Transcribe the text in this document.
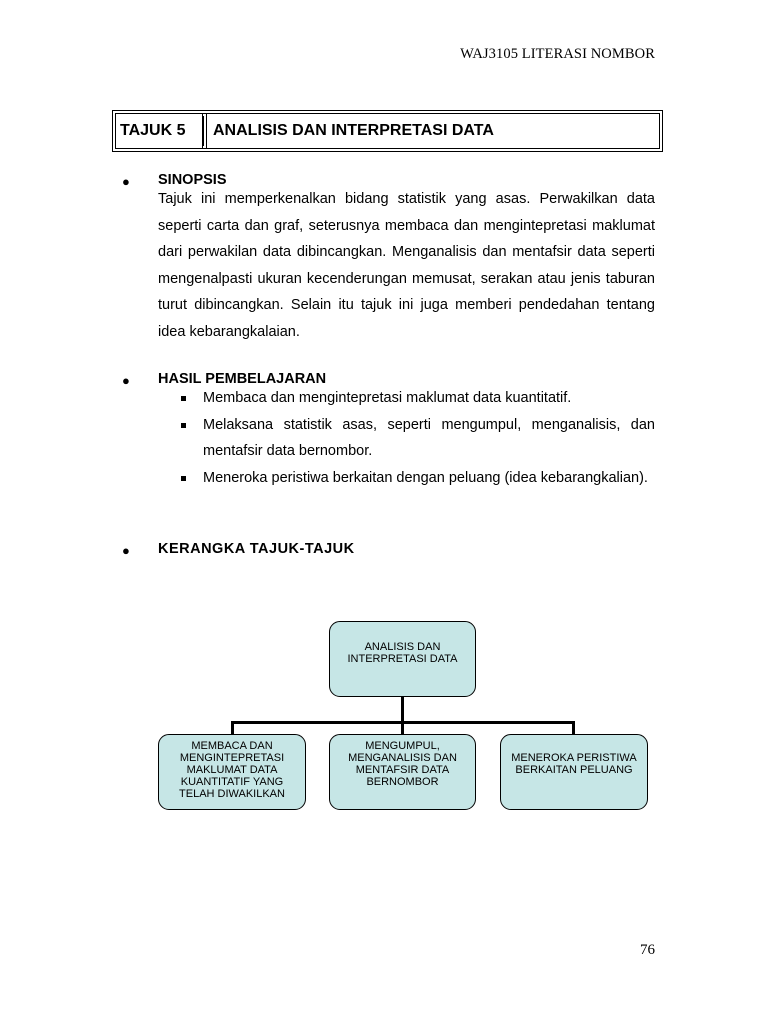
WAJ3105 LITERASI NOMBOR
TAJUK 5	ANALISIS DAN INTERPRETASI DATA
● SINOPSIS
Tajuk ini memperkenalkan bidang statistik yang asas. Perwakilkan data seperti carta dan graf, seterusnya membaca dan mengintepretasi maklumat dari perwakilan data dibincangkan. Menganalisis dan mentafsir data seperti mengenalpasti ukuran kecenderungan memusat, serakan atau jenis taburan turut dibincangkan. Selain itu tajuk ini juga memberi pendedahan tentang idea kebarangkalaian.
● HASIL PEMBELAJARAN
Membaca dan mengintepretasi maklumat data kuantitatif.
Melaksana statistik asas, seperti mengumpul, menganalisis, dan mentafsir data bernombor.
Meneroka peristiwa berkaitan dengan peluang (idea kebarangkalian).
● KERANGKA TAJUK-TAJUK
ANALISIS DAN INTERPRETASI DATA
MEMBACA DAN MENGINTEPRETASI MAKLUMAT DATA KUANTITATIF YANG TELAH DIWAKILKAN
MENGUMPUL, MENGANALISIS DAN MENTAFSIR DATA BERNOMBOR
MENEROKA PERISTIWA BERKAITAN PELUANG
76
